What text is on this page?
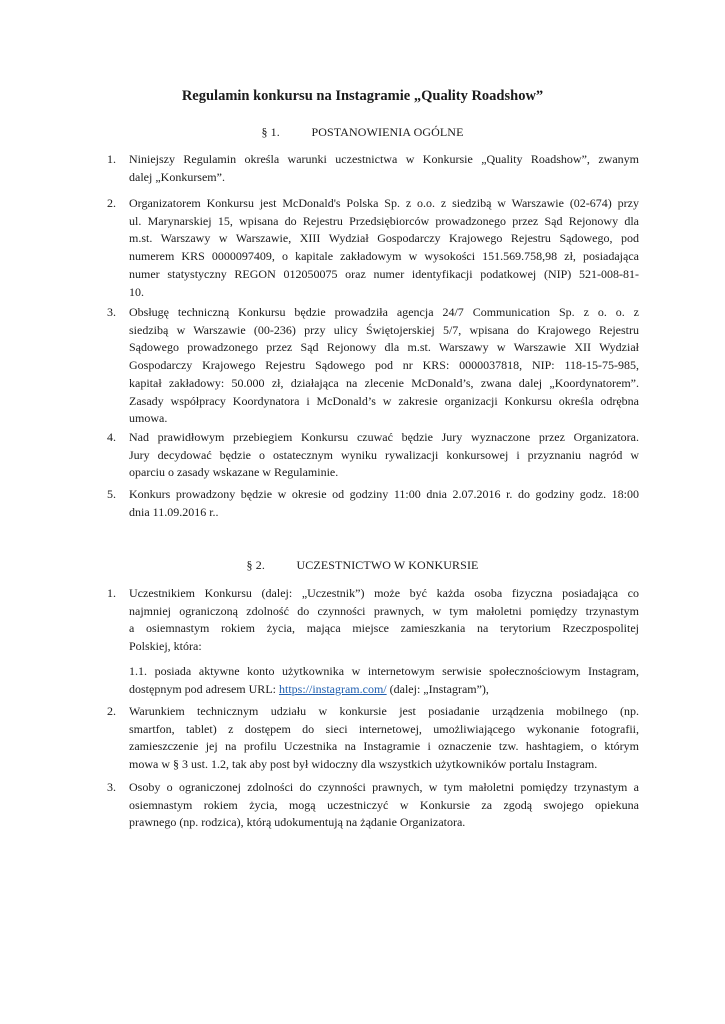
Regulamin konkursu na Instagramie „Quality Roadshow”
§ 1.	POSTANOWIENIA OGÓLNE
1. Niniejszy Regulamin określa warunki uczestnictwa w Konkursie „Quality Roadshow”, zwanym
dalej „Konkursem”.
2. Organizatorem Konkursu jest McDonald's Polska Sp. z o.o. z siedzibą w Warszawie (02-674) przy
ul. Marynarskiej 15, wpisana do Rejestru Przedsiębiorców prowadzonego przez Sąd Rejonowy dla
m.st. Warszawy w Warszawie, XIII Wydział Gospodarczy Krajowego Rejestru Sądowego, pod
numerem KRS 0000097409, o kapitale zakładowym w wysokości 151.569.758,98 zł, posiadająca
numer statystyczny REGON 012050075 oraz numer identyfikacji podatkowej (NIP) 521-008-81-
10.
3. Obsługę techniczną Konkursu będzie prowadziła agencja 24/7 Communication Sp. z o. o. z
siedzibą w Warszawie (00-236) przy ulicy Świętojerskiej 5/7, wpisana do Krajowego Rejestru
Sądowego prowadzonego przez Sąd Rejonowy dla m.st. Warszawy w Warszawie XII Wydział
Gospodarczy Krajowego Rejestru Sądowego pod nr KRS: 0000037818, NIP: 118-15-75-985,
kapitał zakładowy: 50.000 zł, działająca na zlecenie McDonald’s, zwana dalej „Koordynatorem”.
Zasady współpracy Koordynatora i McDonald’s w zakresie organizacji Konkursu określa odrębna
umowa.
4. Nad prawidłowym przebiegiem Konkursu czuwać będzie Jury wyznaczone przez Organizatora.
Jury decydować będzie o ostatecznym wyniku rywalizacji konkursowej i przyznaniu nagród w
oparciu o zasady wskazane w Regulaminie.
5. Konkurs prowadzony będzie w okresie od godziny 11:00 dnia 2.07.2016 r. do godziny godz. 18:00
dnia 11.09.2016 r..
§ 2.	UCZESTNICTWO W KONKURSIE
1. Uczestnikiem Konkursu (dalej: „Uczestnik”) może być każda osoba fizyczna posiadająca co
najmniej ograniczoną zdolność do czynności prawnych, w tym małoletni pomiędzy trzynastym
a osiemnastym rokiem życia, mająca miejsce zamieszkania na terytorium Rzeczpospolitej
Polskiej, która:
1.1. posiada aktywne konto użytkownika w internetowym serwisie społecznościowym Instagram,
dostępnym pod adresem URL: https://instagram.com/ (dalej: „Instagram”),
2. Warunkiem technicznym udziału w konkursie jest posiadanie urządzenia mobilnego (np.
smartfon, tablet) z dostępem do sieci internetowej, umożliwiającego wykonanie fotografii,
zamieszczenie jej na profilu Uczestnika na Instagramie i oznaczenie tzw. hashtagiem, o którym
mowa w § 3 ust. 1.2, tak aby post był widoczny dla wszystkich użytkowników portalu Instagram.
3. Osoby o ograniczonej zdolności do czynności prawnych, w tym małoletni pomiędzy trzynastym a
osiemnastym rokiem życia, mogą uczestniczyć w Konkursie za zgodą swojego opiekuna
prawnego (np. rodzica), którą udokumentują na żądanie Organizatora.
